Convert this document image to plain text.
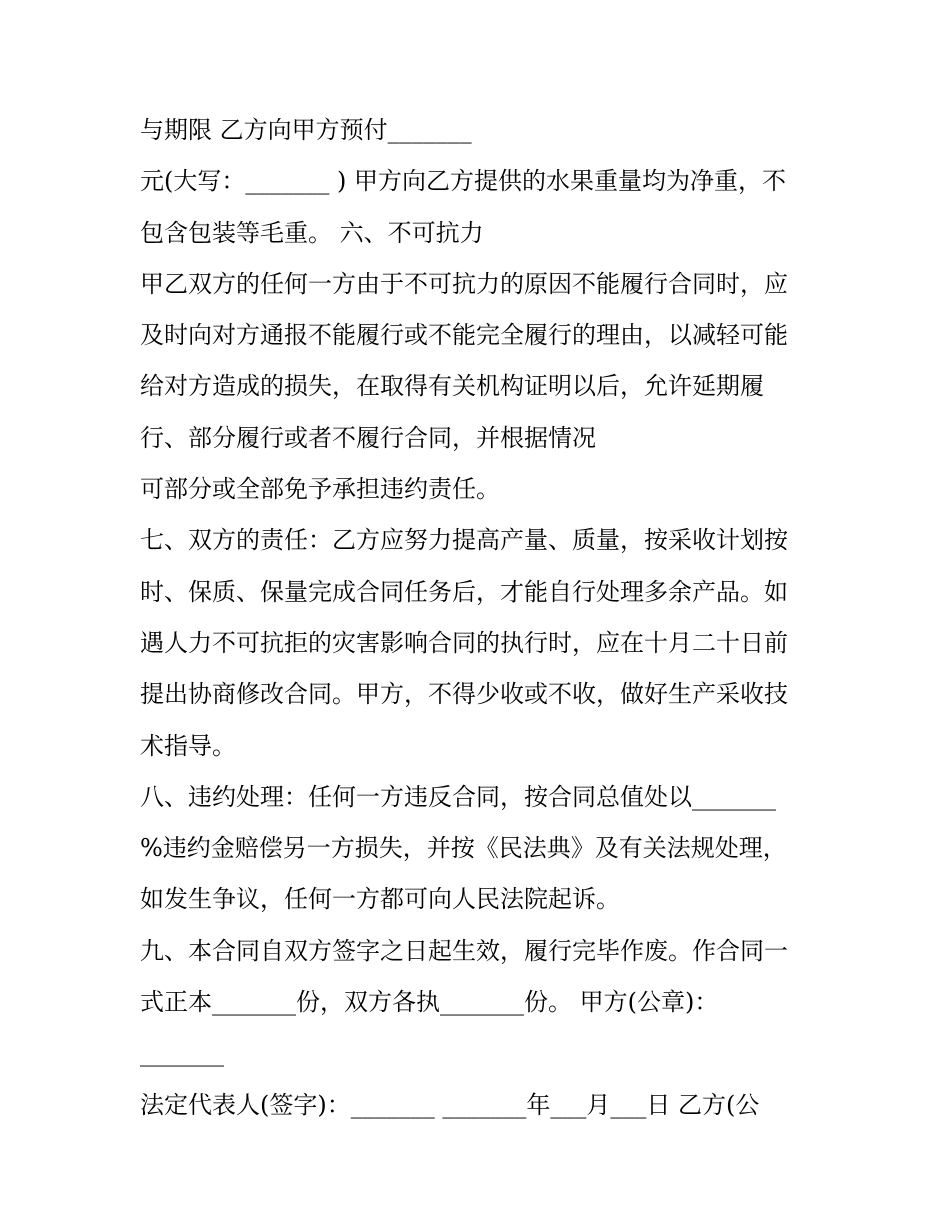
与期限 乙方向甲方预付_______
元(大写：_______ ) 甲方向乙方提供的水果重量均为净重，不
包含包装等毛重。 六、不可抗力
甲乙双方的任何一方由于不可抗力的原因不能履行合同时，应
及时向对方通报不能履行或不能完全履行的理由，以减轻可能
给对方造成的损失，在取得有关机构证明以后，允许延期履
行、部分履行或者不履行合同，并根据情况
可部分或全部免予承担违约责任。
七、双方的责任：乙方应努力提高产量、质量，按采收计划按
时、保质、保量完成合同任务后，才能自行处理多余产品。如
遇人力不可抗拒的灾害影响合同的执行时，应在十月二十日前
提出协商修改合同。甲方，不得少收或不收，做好生产采收技
术指导。
八、违约处理：任何一方违反合同，按合同总值处以_______
%违约金赔偿另一方损失，并按《民法典》及有关法规处理，
如发生争议，任何一方都可向人民法院起诉。
九、本合同自双方签字之日起生效，履行完毕作废。作合同一
式正本_______份，双方各执_______份。 甲方(公章)：
_______
法定代表人(签字)：_______ _______年___月___日 乙方(公
